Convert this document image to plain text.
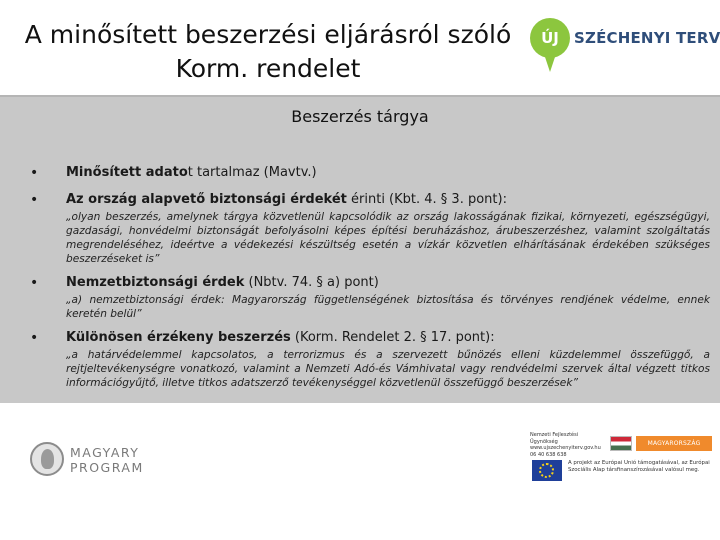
A minősített beszerzési eljárásról szóló
Korm. rendelet
ÚJ	SZÉCHENYI TERV
Beszerzés tárgya
• Minősített adatot tartalmaz (Mavtv.)
• Az ország alapvető biztonsági érdekét érinti (Kbt. 4. § 3. pont):
„olyan beszerzés, amelynek tárgya közvetlenül kapcsolódik az ország lakosságának fizikai, környezeti, egészségügyi, gazdasági, honvédelmi biztonságát befolyásolni képes építési beruházáshoz, árubeszerzéshez, valamint szolgáltatás megrendeléséhez, ideértve a védekezési készültség esetén a vízkár közvetlen elhárításának érdekében szükséges beszerzéseket is”
• Nemzetbiztonsági érdek (Nbtv. 74. § a) pont)
„a) nemzetbiztonsági érdek: Magyarország függetlenségének biztosítása és törvényes rendjének védelme, ennek keretén belül”
• Különösen érzékeny beszerzés (Korm. Rendelet 2. § 17. pont):
„a határvédelemmel kapcsolatos, a terrorizmus és a szervezett bűnözés elleni küzdelemmel összefüggő, a rejtjeltevékenységre vonatkozó, valamint a Nemzeti Adó-és Vámhivatal vagy rendvédelmi szervek által végzett titkos információgyűjtő, illetve titkos adatszerző tevékenységgel közvetlenül összefüggő beszerzések”
MAGYARY
PROGRAM
Nemzeti Fejlesztési Ügynökség www.ujszechenyiterv.gov.hu 06 40 638 638
MAGYARORSZÁG MEGÚJUL
A projekt az Európai Unió támogatásával, az Európai Szociális Alap társfinanszírozásával valósul meg.
